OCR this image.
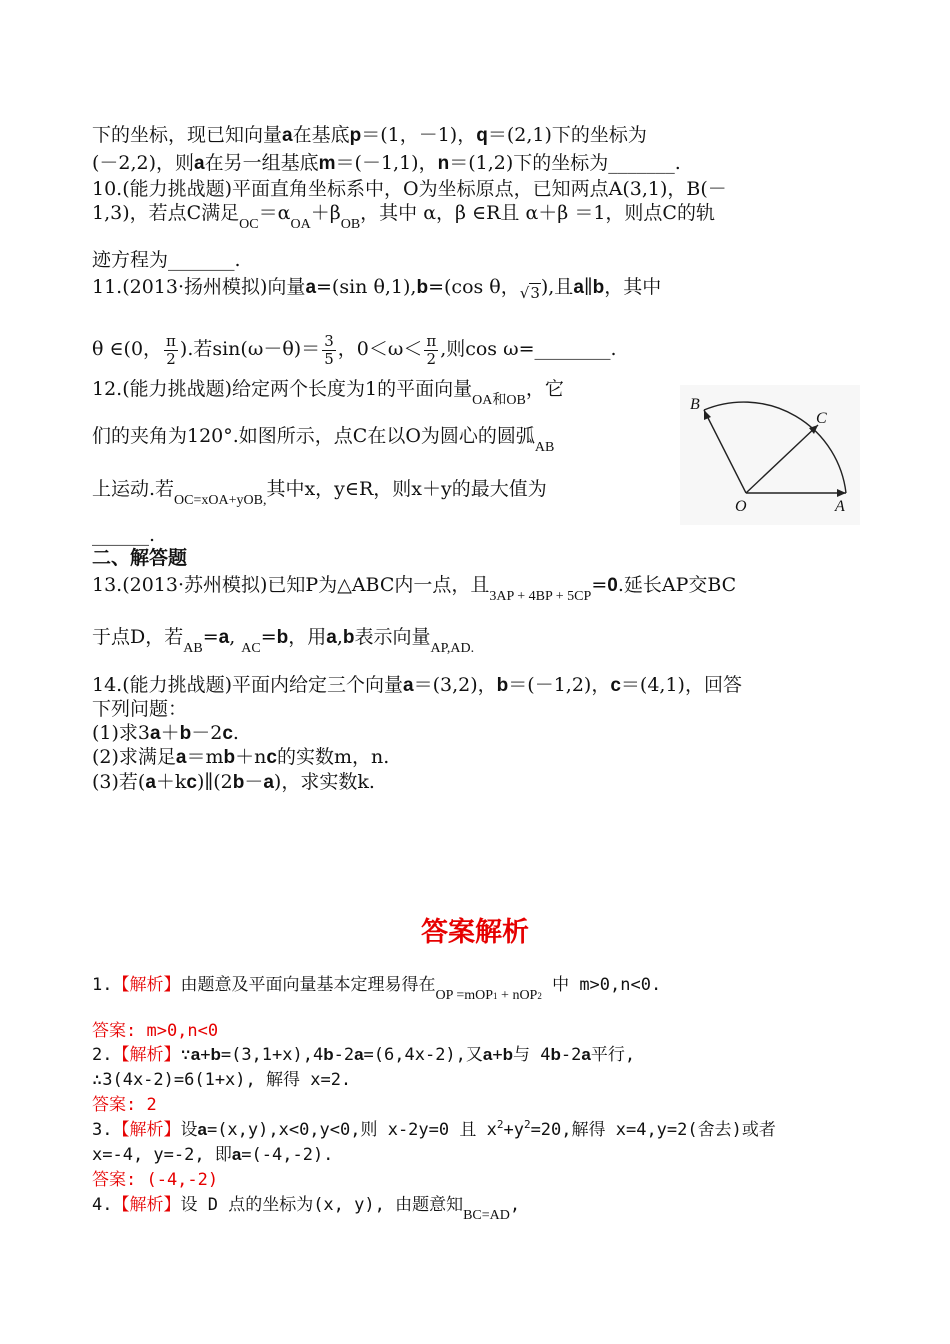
下的坐标，现已知向量a在基底p＝(1，－1)，q＝(2,1)下的坐标为
(－2,2)，则a在另一组基底m＝(－1,1)，n＝(1,2)下的坐标为_______.
10.(能力挑战题)平面直角坐标系中，O为坐标原点，已知两点A(3,1)，B(－
1,3)，若点C满足$_{OC}=\alpha_{OA}+\beta_{OB}$，其中 α，β ∈R且 α＋β ＝1，则点C的轨
迹方程为_______.
11.(2013·扬州模拟)向量a=(sin θ,1),b=(cos θ，$_{√3}$),且a∥b，其中
θ ∈(0， $\frac{\pi}{2}$ ).若$\sin(\omega-\theta)= \frac{3}{5}$ ，$0<\omega< \frac{\pi}{2}$ ,则cos ω=________.
12.(能力挑战题)给定两个长度为1的平面向量$_{OA和OB}$，它
们的夹角为120°.如图所示，点C在以O为圆心的圆弧$_{AB}$
上运动.若$_{OC=xOA+yOB,}$其中x，y∈R，则x＋y的最大值为
______.
B
C
O	A
二、解答题
13.(2013·苏州模拟)已知P为△ABC内一点，且$_{3AP + 4BP + 5CP}$=0.延长AP交BC
于点D，若$_{AB}$=a, $_{AC}$=b，用a,b表示向量$_{AP,AD.}$
14.(能力挑战题)平面内给定三个向量a＝(3,2)，b＝(－1,2)，c＝(4,1)，回答
下列问题：
(1)求3a＋b－2c.
(2)求满足a＝mb＋nc的实数m，n.
(3)若(a＋kc)∥(2b－a)，求实数k.
答案解析
1.【解析】由题意及平面向量基本定理易得在$_{OP =mOP1 + nOP2}$ 中 m>0,n<0.
答案: m>0,n<0
2.【解析】∵a+b=(3,1+x),4b-2a=(6,4x-2),又a+b与 4b-2a平行,
∴3(4x-2)=6(1+x), 解得 x=2.
答案: 2
3.【解析】设a=(x,y),x<0,y<0,则 x-2y=0 且 $x^2+y^2=20$,解得 x=4,y=2(舍去)或者
x=-4, y=-2, 即a=(-4,-2).
答案: (-4,-2)
4.【解析】设 D 点的坐标为(x, y), 由题意知$_{BC=AD}$,
